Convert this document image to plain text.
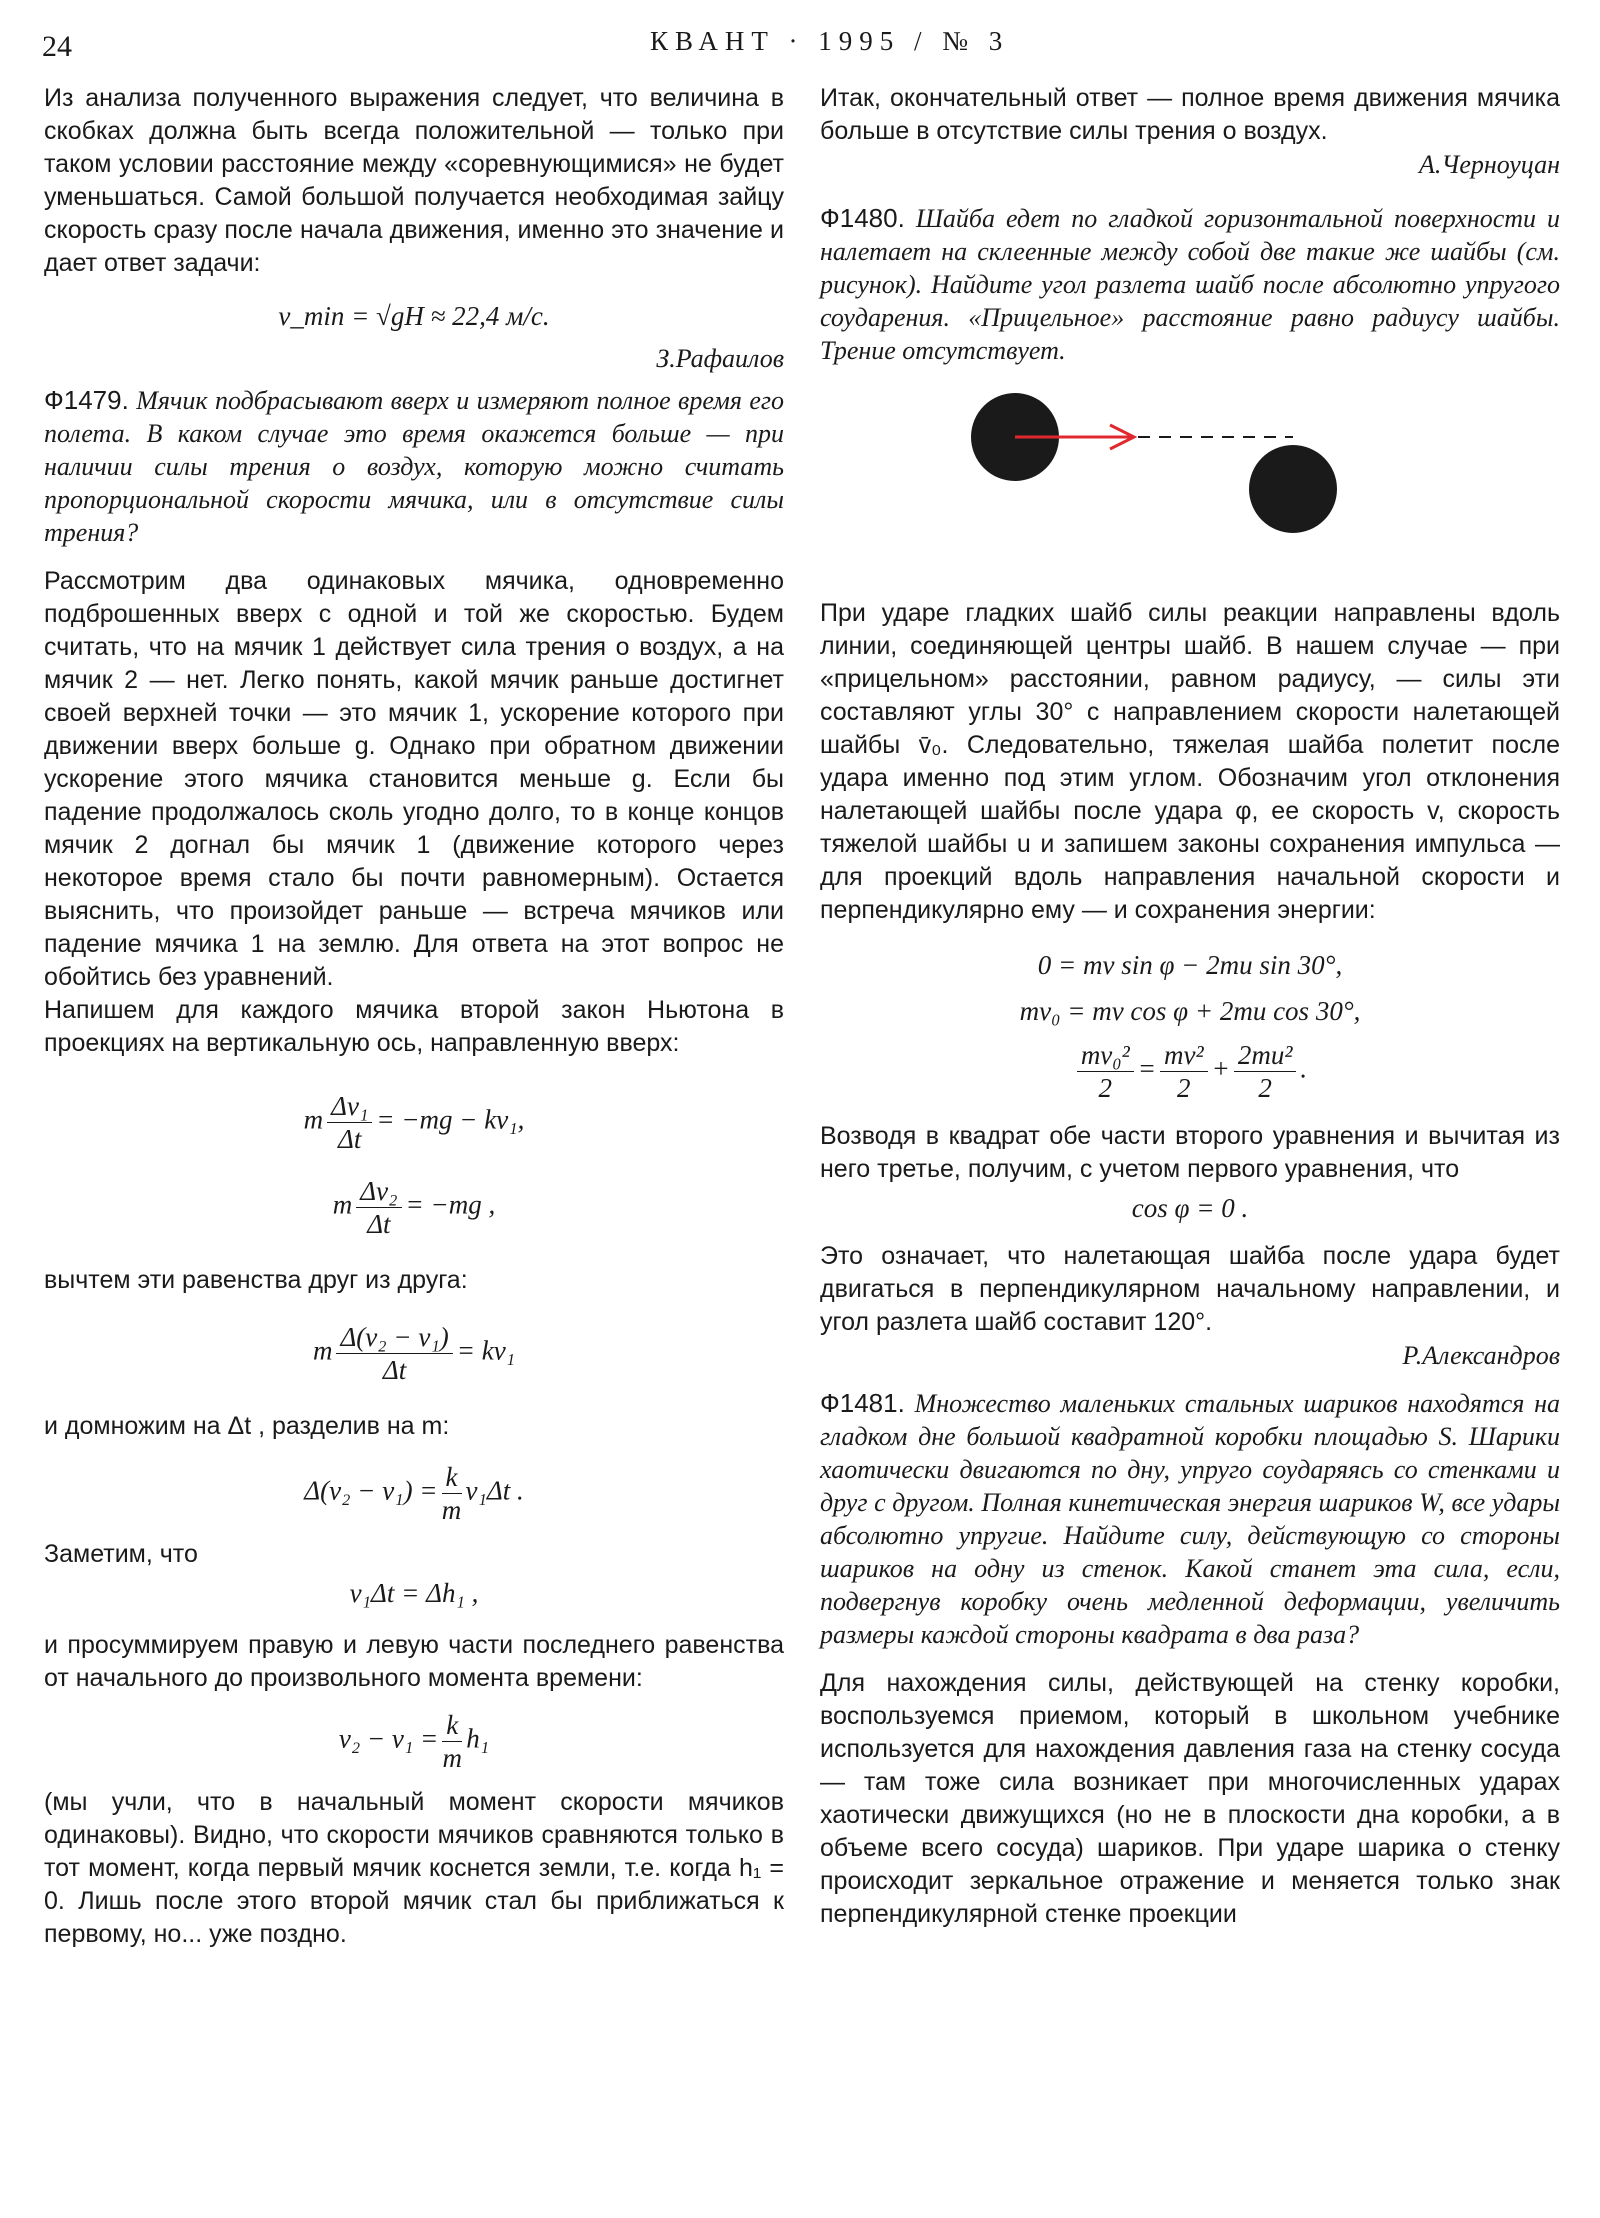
24	КВАНТ · 1995 / № 3

Из анализа полученного выражения следует, что величина в скобках должна быть всегда положительной — только при таком условии расстояние между «соревнующимися» не будет уменьшаться. Самой большой получается необходимая зайцу скорость сразу после начала движения, именно это значение и дает ответ задачи:

v_min = √gH ≈ 22,4 м/с.

З.Рафаилов

Ф1479. Мячик подбрасывают вверх и измеряют полное время его полета. В каком случае это время окажется больше — при наличии силы трения о воздух, которую можно считать пропорциональной скорости мячика, или в отсутствие силы трения?

Рассмотрим два одинаковых мячика, одновременно подброшенных вверх с одной и той же скоростью. Будем считать, что на мячик 1 действует сила трения о воздух, а на мячик 2 — нет. Легко понять, какой мячик раньше достигнет своей верхней точки — это мячик 1, ускорение которого при движении вверх больше g. Однако при обратном движении ускорение этого мячика становится меньше g. Если бы падение продолжалось сколь угодно долго, то в конце концов мячик 2 догнал бы мячик 1 (движение которого через некоторое время стало бы почти равномерным). Остается выяснить, что произойдет раньше — встреча мячиков или падение мячика 1 на землю. Для ответа на этот вопрос не обойтись без уравнений.

Напишем для каждого мячика второй закон Ньютона в проекциях на вертикальную ось, направленную вверх:

m $\frac{\text{Δv₁}}{\Delta t} = -mg - kv_1$,
m $\frac{\text{Δv₂}}{\Delta t} = -mg$ ,

вычтем эти равенства друг из друга:

m $\frac{\text{Δ(v₂ − v₁)}}{\Delta t} = kv_1$

и домножим на Δt , разделив на m:

$\Delta(v_2 - v_1) = \frac{k}{m} v_1\Delta t$ .

Заметим, что

v₁Δt = Δh₁ ,

и просуммируем правую и левую части последнего равенства от начального до произвольного момента времени:

$v_2 - v_1 = \frac{k}{m} h_1$

(мы учли, что в начальный момент скорости мячиков одинаковы). Видно, что скорости мячиков сравняются только в тот момент, когда первый мячик коснется земли, т.е. когда h₁ = 0. Лишь после этого второй мячик стал бы приближаться к первому, но... уже поздно.

Итак, окончательный ответ — полное время движения мячика больше в отсутствие силы трения о воздух.

А.Черноуцан

Ф1480. Шайба едет по гладкой горизонтальной поверхности и налетает на склеенные между собой две такие же шайбы (см. рисунок). Найдите угол разлета шайб после абсолютно упругого соударения. «Прицельное» расстояние равно радиусу шайбы. Трение отсутствует.

При ударе гладких шайб силы реакции направлены вдоль линии, соединяющей центры шайб. В нашем случае — при «прицельном» расстоянии, равном радиусу, — силы эти составляют углы 30° с направлением скорости налетающей шайбы v̄₀. Следовательно, тяжелая шайба полетит после удара именно под этим углом. Обозначим угол отклонения налетающей шайбы после удара φ, ее скорость v, скорость тяжелой шайбы u и запишем законы сохранения импульса — для проекций вдоль направления начальной скорости и перпендикулярно ему — и сохранения энергии:

0 = mv sin φ − 2mu sin 30°,

mv₀ = mv cos φ + 2mu cos 30°,

$\frac{\text{mv₀²}}{2} = \frac{\text{mv²}}{2} + \frac{\text{2mu²}}{2}$ .

Возводя в квадрат обе части второго уравнения и вычитая из него третье, получим, с учетом первого уравнения, что

cos φ = 0 .

Это означает, что налетающая шайба после удара будет двигаться в перпендикулярном начальному направлении, и угол разлета шайб составит 120°.

Р.Александров

Ф1481. Множество маленьких стальных шариков находятся на гладком дне большой квадратной коробки площадью S. Шарики хаотически двигаются по дну, упруго соударяясь со стенками и друг с другом. Полная кинетическая энергия шариков W, все удары абсолютно упругие. Найдите силу, действующую со стороны шариков на одну из стенок. Какой станет эта сила, если, подвергнув коробку очень медленной деформации, увеличить размеры каждой стороны квадрата в два раза?

Для нахождения силы, действующей на стенку коробки, воспользуемся приемом, который в школьном учебнике используется для нахождения давления газа на стенку сосуда — там тоже сила возникает при многочисленных ударах хаотически движущихся (но не в плоскости дна коробки, а в объеме всего сосуда) шариков. При ударе шарика о стенку происходит зеркальное отражение и меняется только знак перпендикулярной стенке проекции
